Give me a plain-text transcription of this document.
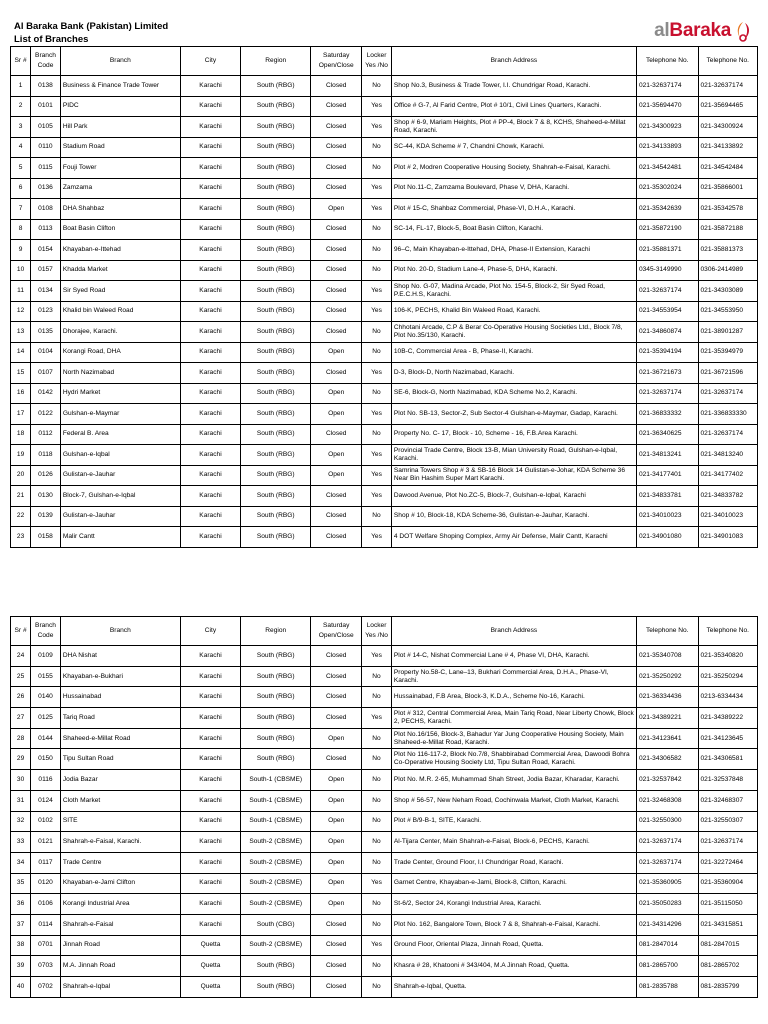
Al Baraka Bank (Pakistan) Limited
List of Branches	alBaraka
Sr #	Branch Code	Branch	City	Region	Saturday Open/Close	Locker Yes /No	Branch Address	Telephone No.	Telephone No.
1	0138	Business & Finance Trade Tower	Karachi	South (RBG)	Closed	No	Shop No.3, Business & Trade Tower, I.I. Chundrigar Road, Karachi.	021-32637174	021-32637174
2	0101	PIDC	Karachi	South (RBG)	Closed	Yes	Office # G-7, Al Farid Centre, Plot # 10/1, Civil Lines Quarters, Karachi.	021-35694470	021-35694465
3	0105	Hill Park	Karachi	South (RBG)	Closed	Yes	Shop # 6-9, Mariam Heights, Plot # PP-4, Block 7 & 8, KCHS, Shaheed-e-Millat Road, Karachi.	021-34300923	021-34300924
4	0110	Stadium Road	Karachi	South (RBG)	Closed	No	SC-44, KDA Scheme # 7, Chandni Chowk, Karachi.	021-34133893	021-34133892
5	0115	Fouji Tower	Karachi	South (RBG)	Closed	No	Plot # 2, Modren Cooperative Housing Society, Shahrah-e-Faisal, Karachi.	021-34542481	021-34542484
6	0136	Zamzama	Karachi	South (RBG)	Closed	Yes	Plot No.11-C, Zamzama Boulevard, Phase V, DHA, Karachi.	021-35302024	021-35866001
7	0108	DHA Shahbaz	Karachi	South (RBG)	Open	Yes	Plot # 15-C, Shahbaz Commercial, Phase-VI, D.H.A., Karachi.	021-35342639	021-35342578
8	0113	Boat Basin Clifton	Karachi	South (RBG)	Closed	No	SC-14, FL-17, Block-5, Boat Basin Clifton, Karachi.	021-35872190	021-35872188
9	0154	Khayaban-e-Ittehad	Karachi	South (RBG)	Closed	No	96–C, Main Khayaban-e-Ittehad, DHA, Phase-II Extension, Karachi	021-35881371	021-35881373
10	0157	Khadda Market	Karachi	South (RBG)	Closed	No	Plot No. 20-D, Stadium Lane-4, Phase-5, DHA, Karachi.	0345-3149990	0306-2414989
11	0134	Sir Syed Road	Karachi	South (RBG)	Closed	Yes	Shop No. G-07, Madina Arcade, Plot No. 154-5, Block-2, Sir Syed Road, P.E.C.H.S, Karachi.	021-32637174	021-34303089
12	0123	Khalid bin Waleed Road	Karachi	South (RBG)	Closed	Yes	106-K, PECHS, Khalid Bin Waleed Road, Karachi.	021-34553954	021-34553950
13	0135	Dhorajee, Karachi.	Karachi	South (RBG)	Closed	No	Chhotani Arcade, C.P & Berar Co-Operative Housing Societies Ltd., Block 7/8, Plot No.35/130, Karachi.	021-34860874	021-38901287
14	0104	Korangi Road, DHA	Karachi	South (RBG)	Open	No	10B-C, Commercial Area - B, Phase-II, Karachi.	021-35394194	021-35394979
15	0107	North Nazimabad	Karachi	South (RBG)	Closed	Yes	D-3, Block-D, North Nazimabad, Karachi.	021-36721673	021-36721596
16	0142	Hydri Market	Karachi	South (RBG)	Open	No	SE-6, Block-G, North Nazimabad, KDA Scheme No.2, Karachi.	021-32637174	021-32637174
17	0122	Gulshan-e-Maymar	Karachi	South (RBG)	Open	Yes	Plot No. SB-13, Sector-Z, Sub Sector-4 Gulshan-e-Maymar, Gadap, Karachi.	021-36833332	021-336833330
18	0112	Federal B. Area	Karachi	South (RBG)	Closed	No	Property No. C- 17, Block - 10, Scheme - 16, F.B.Area Karachi.	021-36340625	021-32637174
19	0118	Gulshan-e-Iqbal	Karachi	South (RBG)	Open	Yes	Provincial Trade Centre, Block 13-B, Mian University Road, Gulshan-e-Iqbal, Karachi.	021-34813241	021-34813240
20	0126	Gulistan-e-Jauhar	Karachi	South (RBG)	Open	Yes	Samrina Towers Shop # 3 & SB-16 Block 14 Gulistan-e-Johar, KDA Scheme 36 Near Bin Hashim Super Mart Karachi.	021-34177401	021-34177402
21	0130	Block-7, Gulshan-e-Iqbal	Karachi	South (RBG)	Closed	Yes	Dawood Avenue, Plot No.ZC-5, Block-7, Gulshan-e-Iqbal, Karachi	021-34833781	021-34833782
22	0139	Gulistan-e-Jauhar	Karachi	South (RBG)	Closed	No	Shop # 10, Block-18, KDA Scheme-36, Gulistan-e-Jauhar, Karachi.	021-34010023	021-34010023
23	0158	Malir Cantt	Karachi	South (RBG)	Closed	Yes	4 DOT Welfare Shoping Complex, Army Air Defense, Malir Cantt, Karachi	021-34901080	021-34901083
Sr #	Branch Code	Branch	City	Region	Saturday Open/Close	Locker Yes /No	Branch Address	Telephone No.	Telephone No.
24	0109	DHA Nishat	Karachi	South (RBG)	Closed	Yes	Plot # 14-C, Nishat Commercial Lane # 4, Phase VI, DHA, Karachi.	021-35340708	021-35340820
25	0155	Khayaban-e-Bukhari	Karachi	South (RBG)	Closed	No	Property No.58-C, Lane–13, Bukhari Commercial Area, D.H.A., Phase-VI, Karachi.	021-35250292	021-35250294
26	0140	Hussainabad	Karachi	South (RBG)	Closed	No	Hussainabad, F.B Area, Block-3, K.D.A., Scheme No-16, Karachi.	021-36334436	0213-6334434
27	0125	Tariq Road	Karachi	South (RBG)	Closed	Yes	Plot # 312, Central Commercial Area, Main Tariq Road, Near Liberty Chowk, Block 2, PECHS, Karachi.	021-34389221	021-34389222
28	0144	Shaheed-e-Millat Road	Karachi	South (RBG)	Open	No	Plot No.16/156, Block-3, Bahadur Yar Jung Cooperative Housing Society, Main Shaheed-e-Millat Road, Karachi.	021-34123641	021-34123645
29	0150	Tipu Sultan Road	Karachi	South (RBG)	Closed	No	Plot No 116-117-2, Block No.7/8, Shabbirabad Commercial Area, Dawoodi Bohra Co-Operative Housing Society Ltd, Tipu Sultan Road, Karachi.	021-34306582	021-34306581
30	0116	Jodia Bazar	Karachi	South-1 (CBSME)	Open	No	Plot No. M.R. 2-65, Muhammad Shah Street, Jodia Bazar, Kharadar, Karachi.	021-32537842	021-32537848
31	0124	Cloth Market	Karachi	South-1 (CBSME)	Open	No	Shop # 56-57, New Neham Road, Cochinwala Market, Cloth Market, Karachi.	021-32468308	021-32468307
32	0102	SITE	Karachi	South-1 (CBSME)	Open	No	Plot # B/9-B-1, SITE, Karachi.	021-32550300	021-32550307
33	0121	Shahrah-e-Faisal, Karachi.	Karachi	South-2 (CBSME)	Open	No	Al-Tijara Center, Main Shahrah-e-Faisal, Block-6, PECHS, Karachi.	021-32637174	021-32637174
34	0117	Trade Centre	Karachi	South-2 (CBSME)	Open	No	Trade Center, Ground Floor, I.I Chundrigar Road, Karachi.	021-32637174	021-32272464
35	0120	Khayaban-e-Jami Clifton	Karachi	South-2 (CBSME)	Open	Yes	Garnet Centre, Khayaban-e-Jami, Block-8, Clifton, Karachi.	021-35360905	021-35360904
36	0106	Korangi Industrial Area	Karachi	South-2 (CBSME)	Open	No	St-6/2, Sector 24, Korangi Industrial Area, Karachi.	021-35050283	021-35115050
37	0114	Shahrah-e-Faisal	Karachi	South (CBG)	Closed	No	Plot No. 162, Bangalore Town, Block 7 & 8, Shahrah-e-Faisal, Karachi.	021-34314296	021-34315851
38	0701	Jinnah Road	Quetta	South-2 (CBSME)	Closed	Yes	Ground Floor, Oriental Plaza, Jinnah Road, Quetta.	081-2847014	081-2847015
39	0703	M.A. Jinnah Road	Quetta	South (RBG)	Closed	No	Khasra # 28, Khatooni # 343/404, M.A Jinnah Road, Quetta.	081-2865700	081-2865702
40	0702	Shahrah-e-Iqbal	Quetta	South (RBG)	Closed	No	Shahrah-e-Iqbal, Quetta.	081-2835788	081-2835799
